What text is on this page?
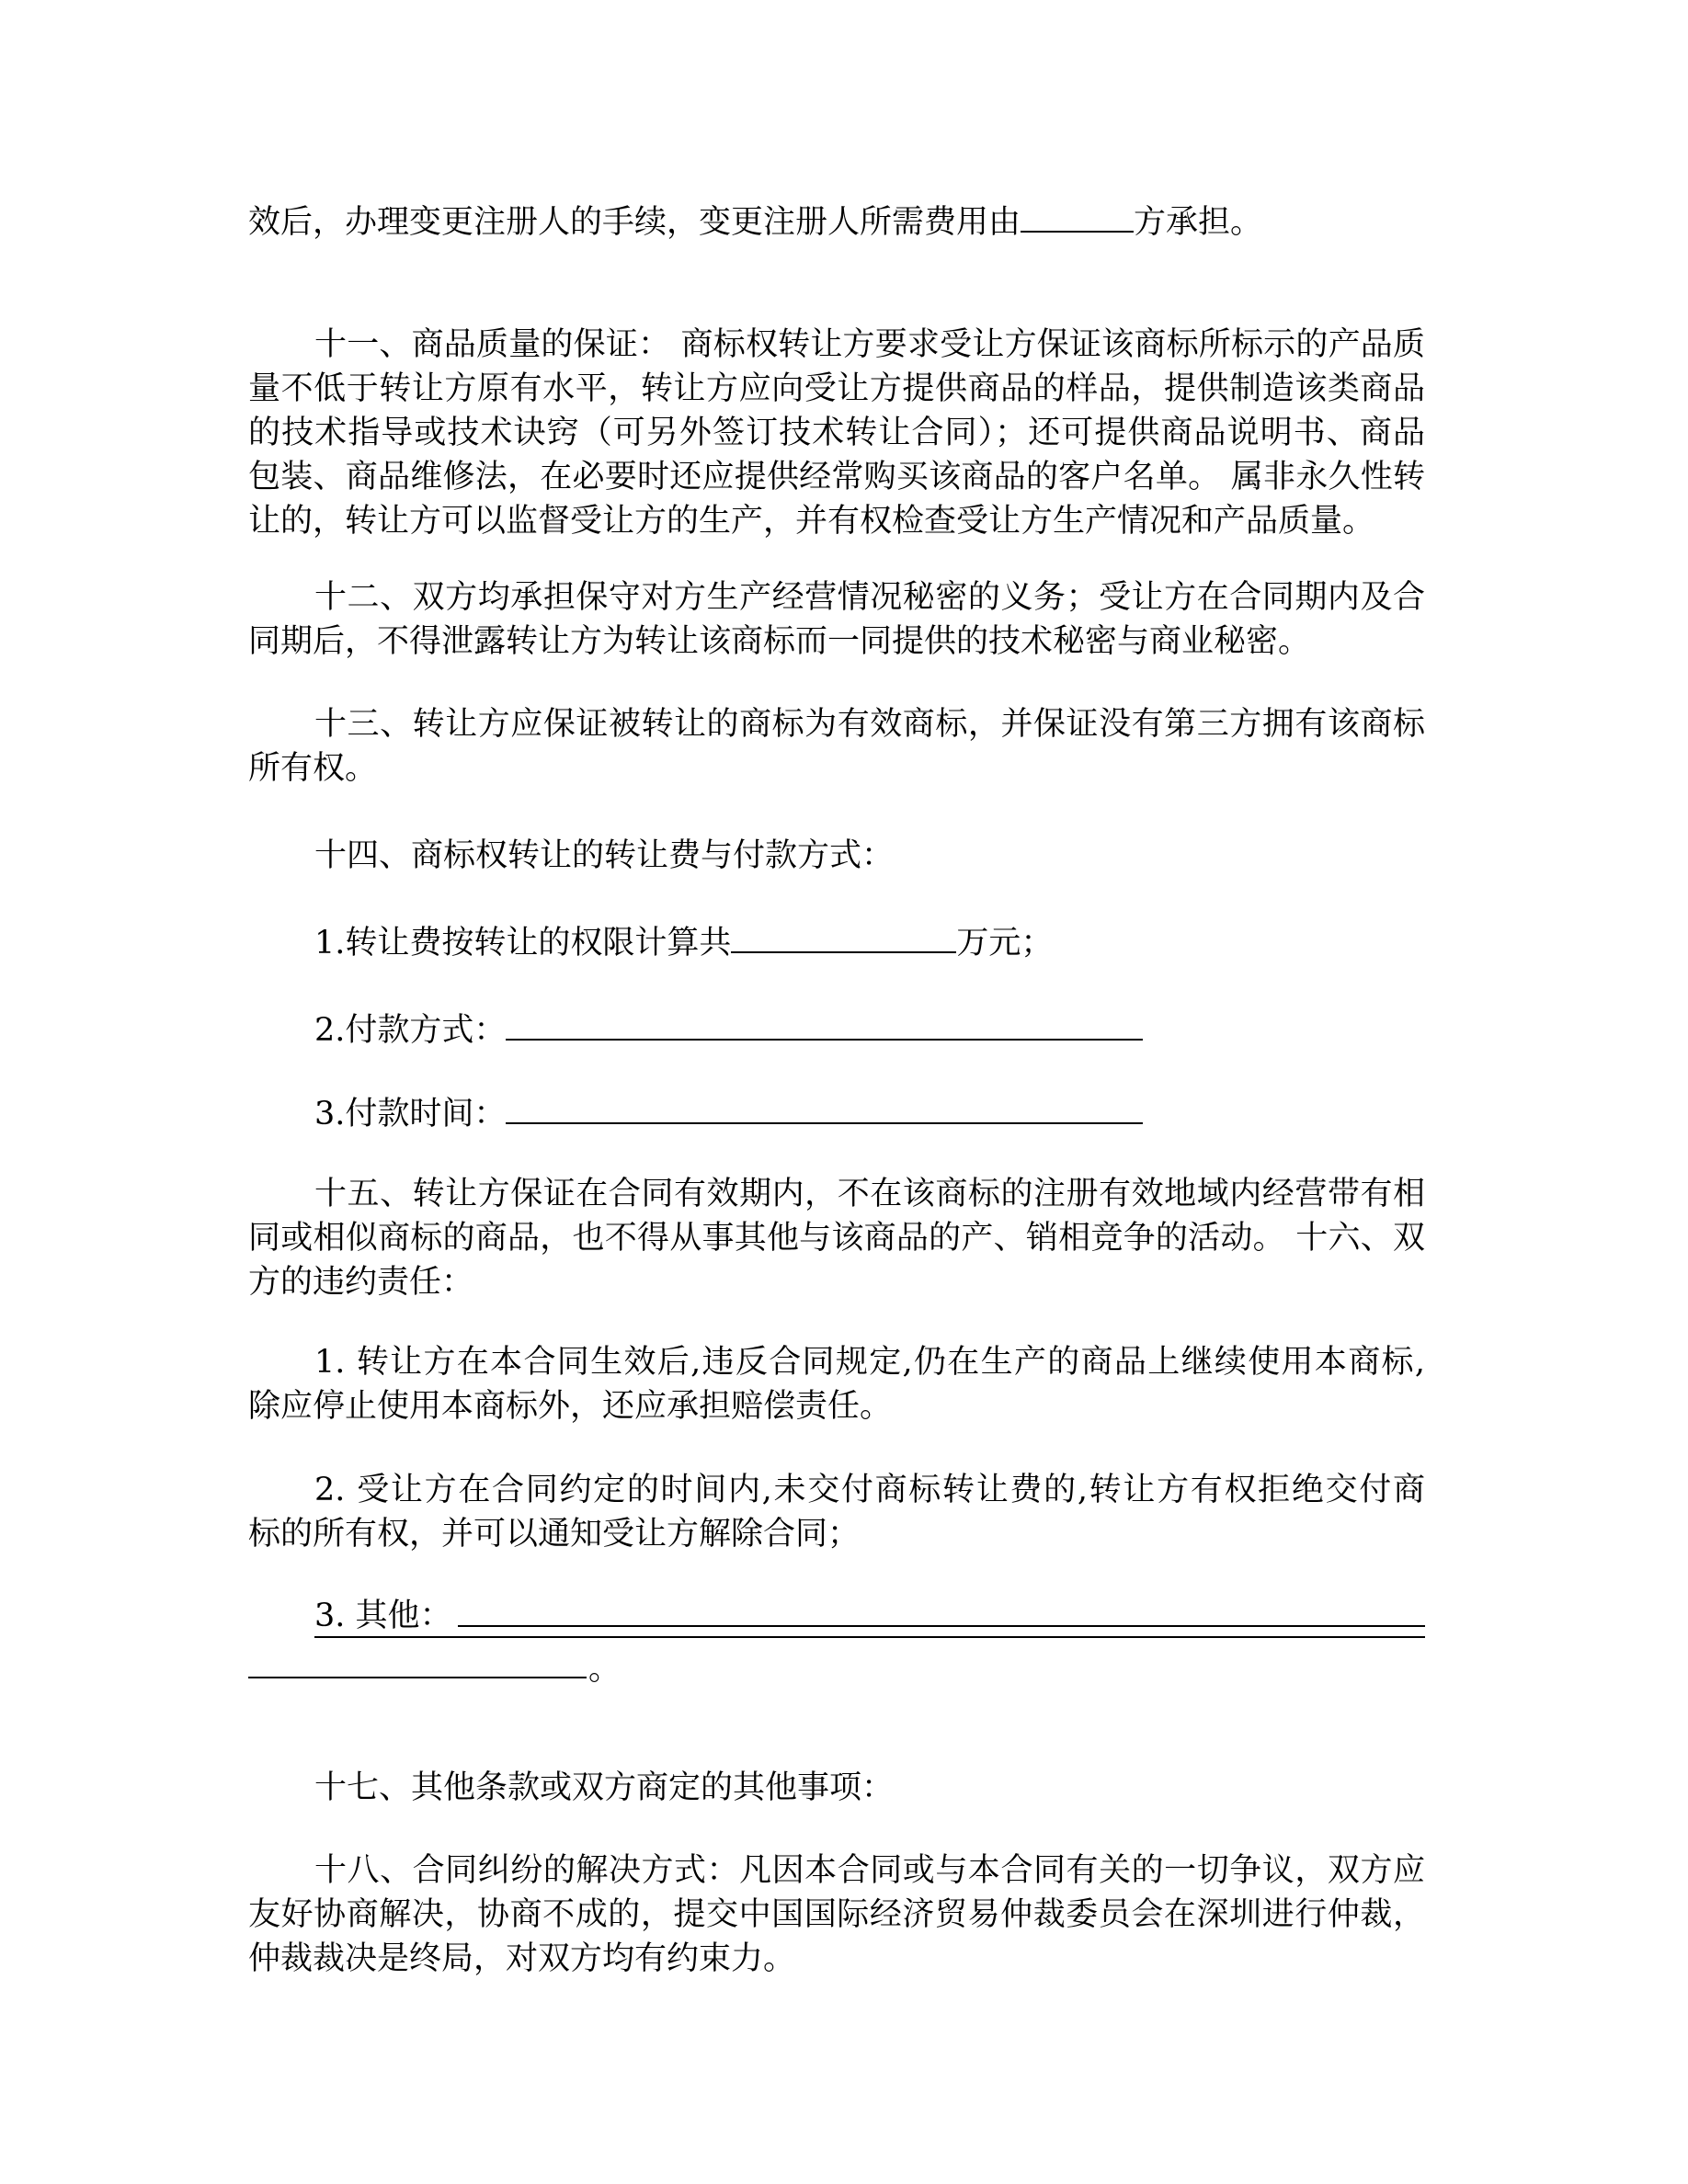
效后，办理变更注册人的手续，变更注册人所需费用由	方承担。
十一、商品质量的保证： 商标权转让方要求受让方保证该商标所标示的产品质
量不低于转让方原有水平，转让方应向受让方提供商品的样品，提供制造该类商品
的技术指导或技术诀窍（可另外签订技术转让合同）；还可提供商品说明书、商品
包装、商品维修法，在必要时还应提供经常购买该商品的客户名单。 属非永久性转
让的，转让方可以监督受让方的生产，并有权检查受让方生产情况和产品质量。
十二、双方均承担保守对方生产经营情况秘密的义务；受让方在合同期内及合
同期后，不得泄露转让方为转让该商标而一同提供的技术秘密与商业秘密。
十三、转让方应保证被转让的商标为有效商标，并保证没有第三方拥有该商标
所有权。
十四、商标权转让的转让费与付款方式：
1.转让费按转让的权限计算共	万元；
2.付款方式：
3.付款时间：
十五、转让方保证在合同有效期内，不在该商标的注册有效地域内经营带有相
同或相似商标的商品，也不得从事其他与该商品的产、销相竞争的活动。 十六、双
方的违约责任：
1. 转让方在本合同生效后,违反合同规定,仍在生产的商品上继续使用本商标,
除应停止使用本商标外，还应承担赔偿责任。
2. 受让方在合同约定的时间内,未交付商标转让费的,转让方有权拒绝交付商
标的所有权，并可以通知受让方解除合同；
3. 其他：
。
十七、其他条款或双方商定的其他事项：
十八、合同纠纷的解决方式：凡因本合同或与本合同有关的一切争议，双方应
友好协商解决，协商不成的，提交中国国际经济贸易仲裁委员会在深圳进行仲裁，
仲裁裁决是终局，对双方均有约束力。
